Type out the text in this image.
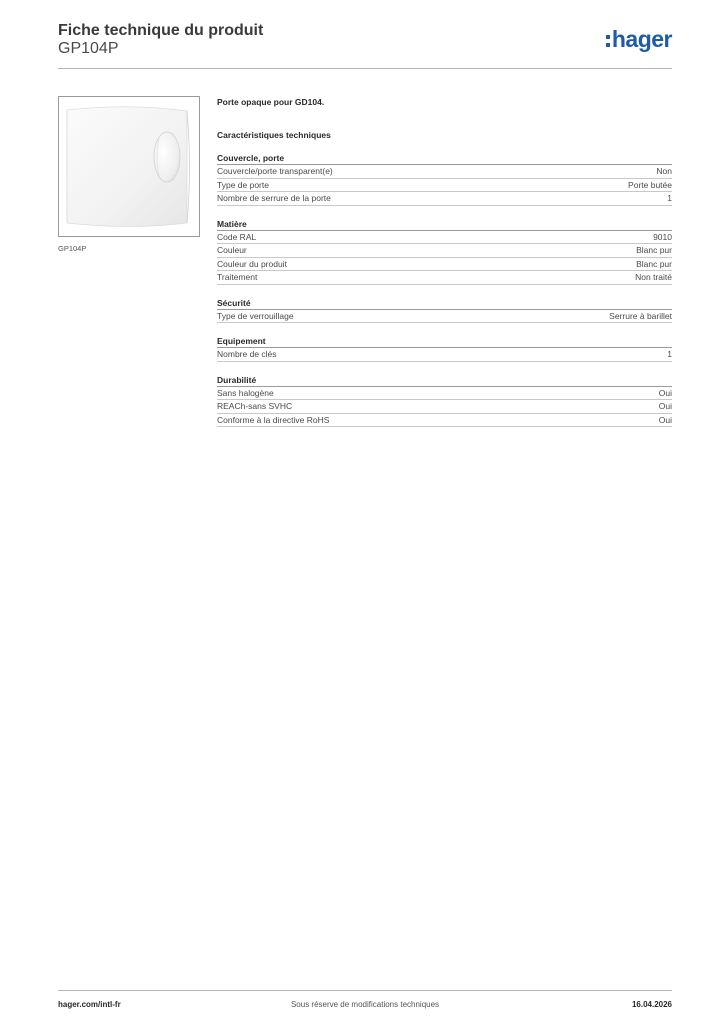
Fiche technique du produit
GP104P	hager
GP104P
Porte opaque pour GD104.
Caractéristiques techniques
Couvercle, porte
Couvercle/porte transparent(e)	Non
Type de porte	Porte butée
Nombre de serrure de la porte	1
Matière
Code RAL	9010
Couleur	Blanc pur
Couleur du produit	Blanc pur
Traitement	Non traité
Sécurité
Type de verrouillage	Serrure à barillet
Equipement
Nombre de clés	1
Durabilité
Sans halogène	Oui
REACh-sans SVHC	Oui
Conforme à la directive RoHS	Oui
hager.com/intl-fr	Sous réserve de modifications techniques	16.04.2026
